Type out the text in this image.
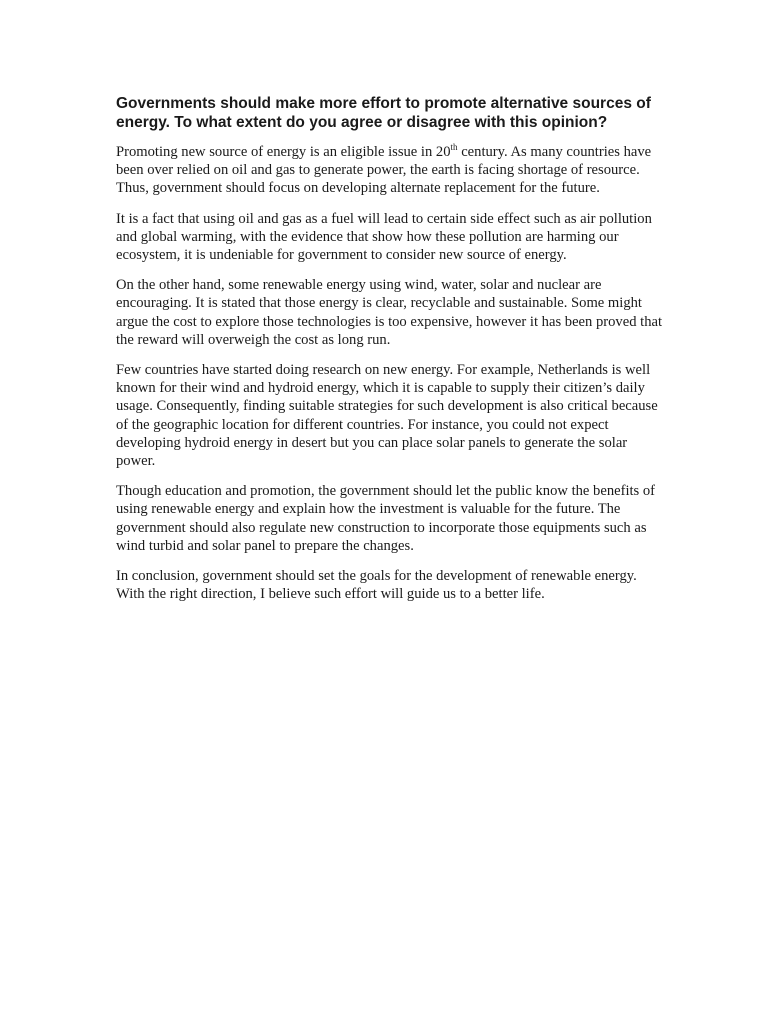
Governments should make more effort to promote alternative sources of energy. To what extent do you agree or disagree with this opinion?

Promoting new source of energy is an eligible issue in 20th century. As many countries have been over relied on oil and gas to generate power, the earth is facing shortage of resource. Thus, government should focus on developing alternate replacement for the future.

It is a fact that using oil and gas as a fuel will lead to certain side effect such as air pollution and global warming, with the evidence that show how these pollution are harming our ecosystem, it is undeniable for government to consider new source of energy.

On the other hand, some renewable energy using wind, water, solar and nuclear are encouraging. It is stated that those energy is clear, recyclable and sustainable. Some might argue the cost to explore those technologies is too expensive, however it has been proved that the reward will overweigh the cost as long run.

Few countries have started doing research on new energy. For example, Netherlands is well known for their wind and hydroid energy, which it is capable to supply their citizen’s daily usage. Consequently, finding suitable strategies for such development is also critical because of the geographic location for different countries. For instance, you could not expect developing hydroid energy in desert but you can place solar panels to generate the solar power.

Though education and promotion, the government should let the public know the benefits of using renewable energy and explain how the investment is valuable for the future. The government should also regulate new construction to incorporate those equipments such as wind turbid and solar panel to prepare the changes.

In conclusion, government should set the goals for the development of renewable energy. With the right direction, I believe such effort will guide us to a better life.
